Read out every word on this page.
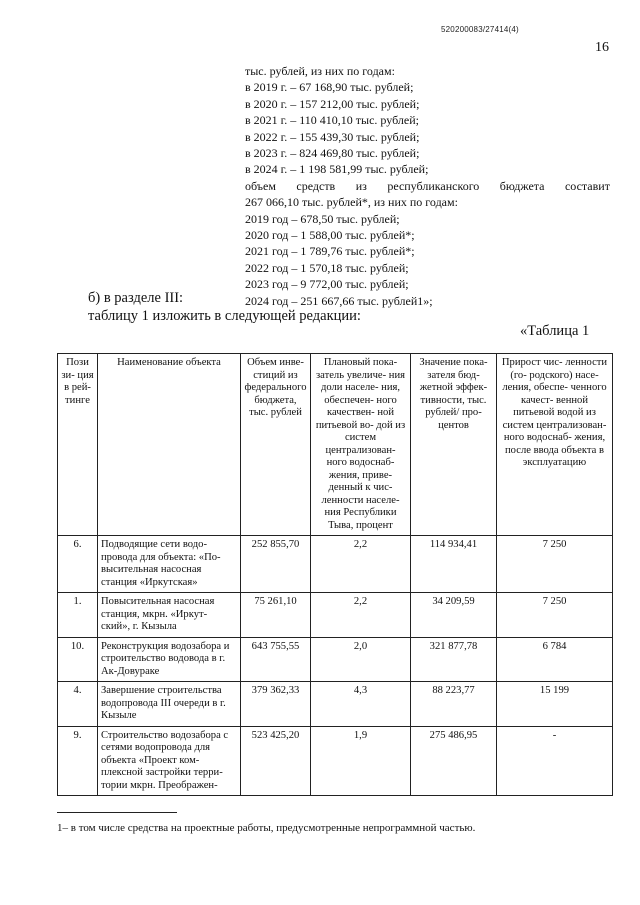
520200083/27414(4)
16
тыс. рублей, из них по годам:
в 2019 г. – 67 168,90 тыс. рублей;
в 2020 г. – 157 212,00 тыс. рублей;
в 2021 г. – 110 410,10 тыс. рублей;
в 2022 г. – 155 439,30 тыс. рублей;
в 2023 г. – 824 469,80 тыс. рублей;
в 2024 г. – 1 198 581,99 тыс. рублей;
объем средств из республиканского бюджета составит
267 066,10 тыс. рублей*, из них по годам:
2019 год – 678,50 тыс. рублей;
2020 год – 1 588,00 тыс. рублей*;
2021 год – 1 789,76 тыс. рублей*;
2022 год – 1 570,18 тыс. рублей;
2023 год – 9 772,00 тыс. рублей;
2024 год – 251 667,66 тыс. рублей1»;
б) в разделе III:
таблицу 1 изложить в следующей редакции:
«Таблица 1
Пози зи- ция в рей- тинге	Наименование объекта	Объем инве- стиций из федерального бюджета, тыс. рублей	Плановый пока- затель увеличе- ния доли населе- ния, обеспечен- ного качествен- ной питьевой во- дой из систем централизован- ного водоснаб- жения, приве- денный к чис- ленности населе- ния Республики Тыва, процент	Значение пока- зателя бюд- жетной эффек- тивности, тыс. рублей/ про- центов	Прирост чис- ленности (го- родского) насе- ления, обеспе- ченного качест- венной питьевой водой из систем централизован- ного водоснаб- жения, после ввода объекта в эксплуатацию
6.	Подводящие сети водо- провода для объекта: «По- высительная насосная станция «Иркутская»	252 855,70	2,2	114 934,41	7 250
1.	Повысительная насосная станция, мкрн. «Иркут- ский», г. Кызыла	75 261,10	2,2	34 209,59	7 250
10.	Реконструкция водозабора и строительство водовода в г. Ак-Довураке	643 755,55	2,0	321 877,78	6 784
4.	Завершение строительства водопровода III очереди в г. Кызыле	379 362,33	4,3	88 223,77	15 199
9.	Строительство водозабора с сетями водопровода для объекта «Проект ком- плексной застройки терри- тории мкрн. Преображен-	523 425,20	1,9	275 486,95	-
1– в том числе средства на проектные работы, предусмотренные непрограммной частью.
